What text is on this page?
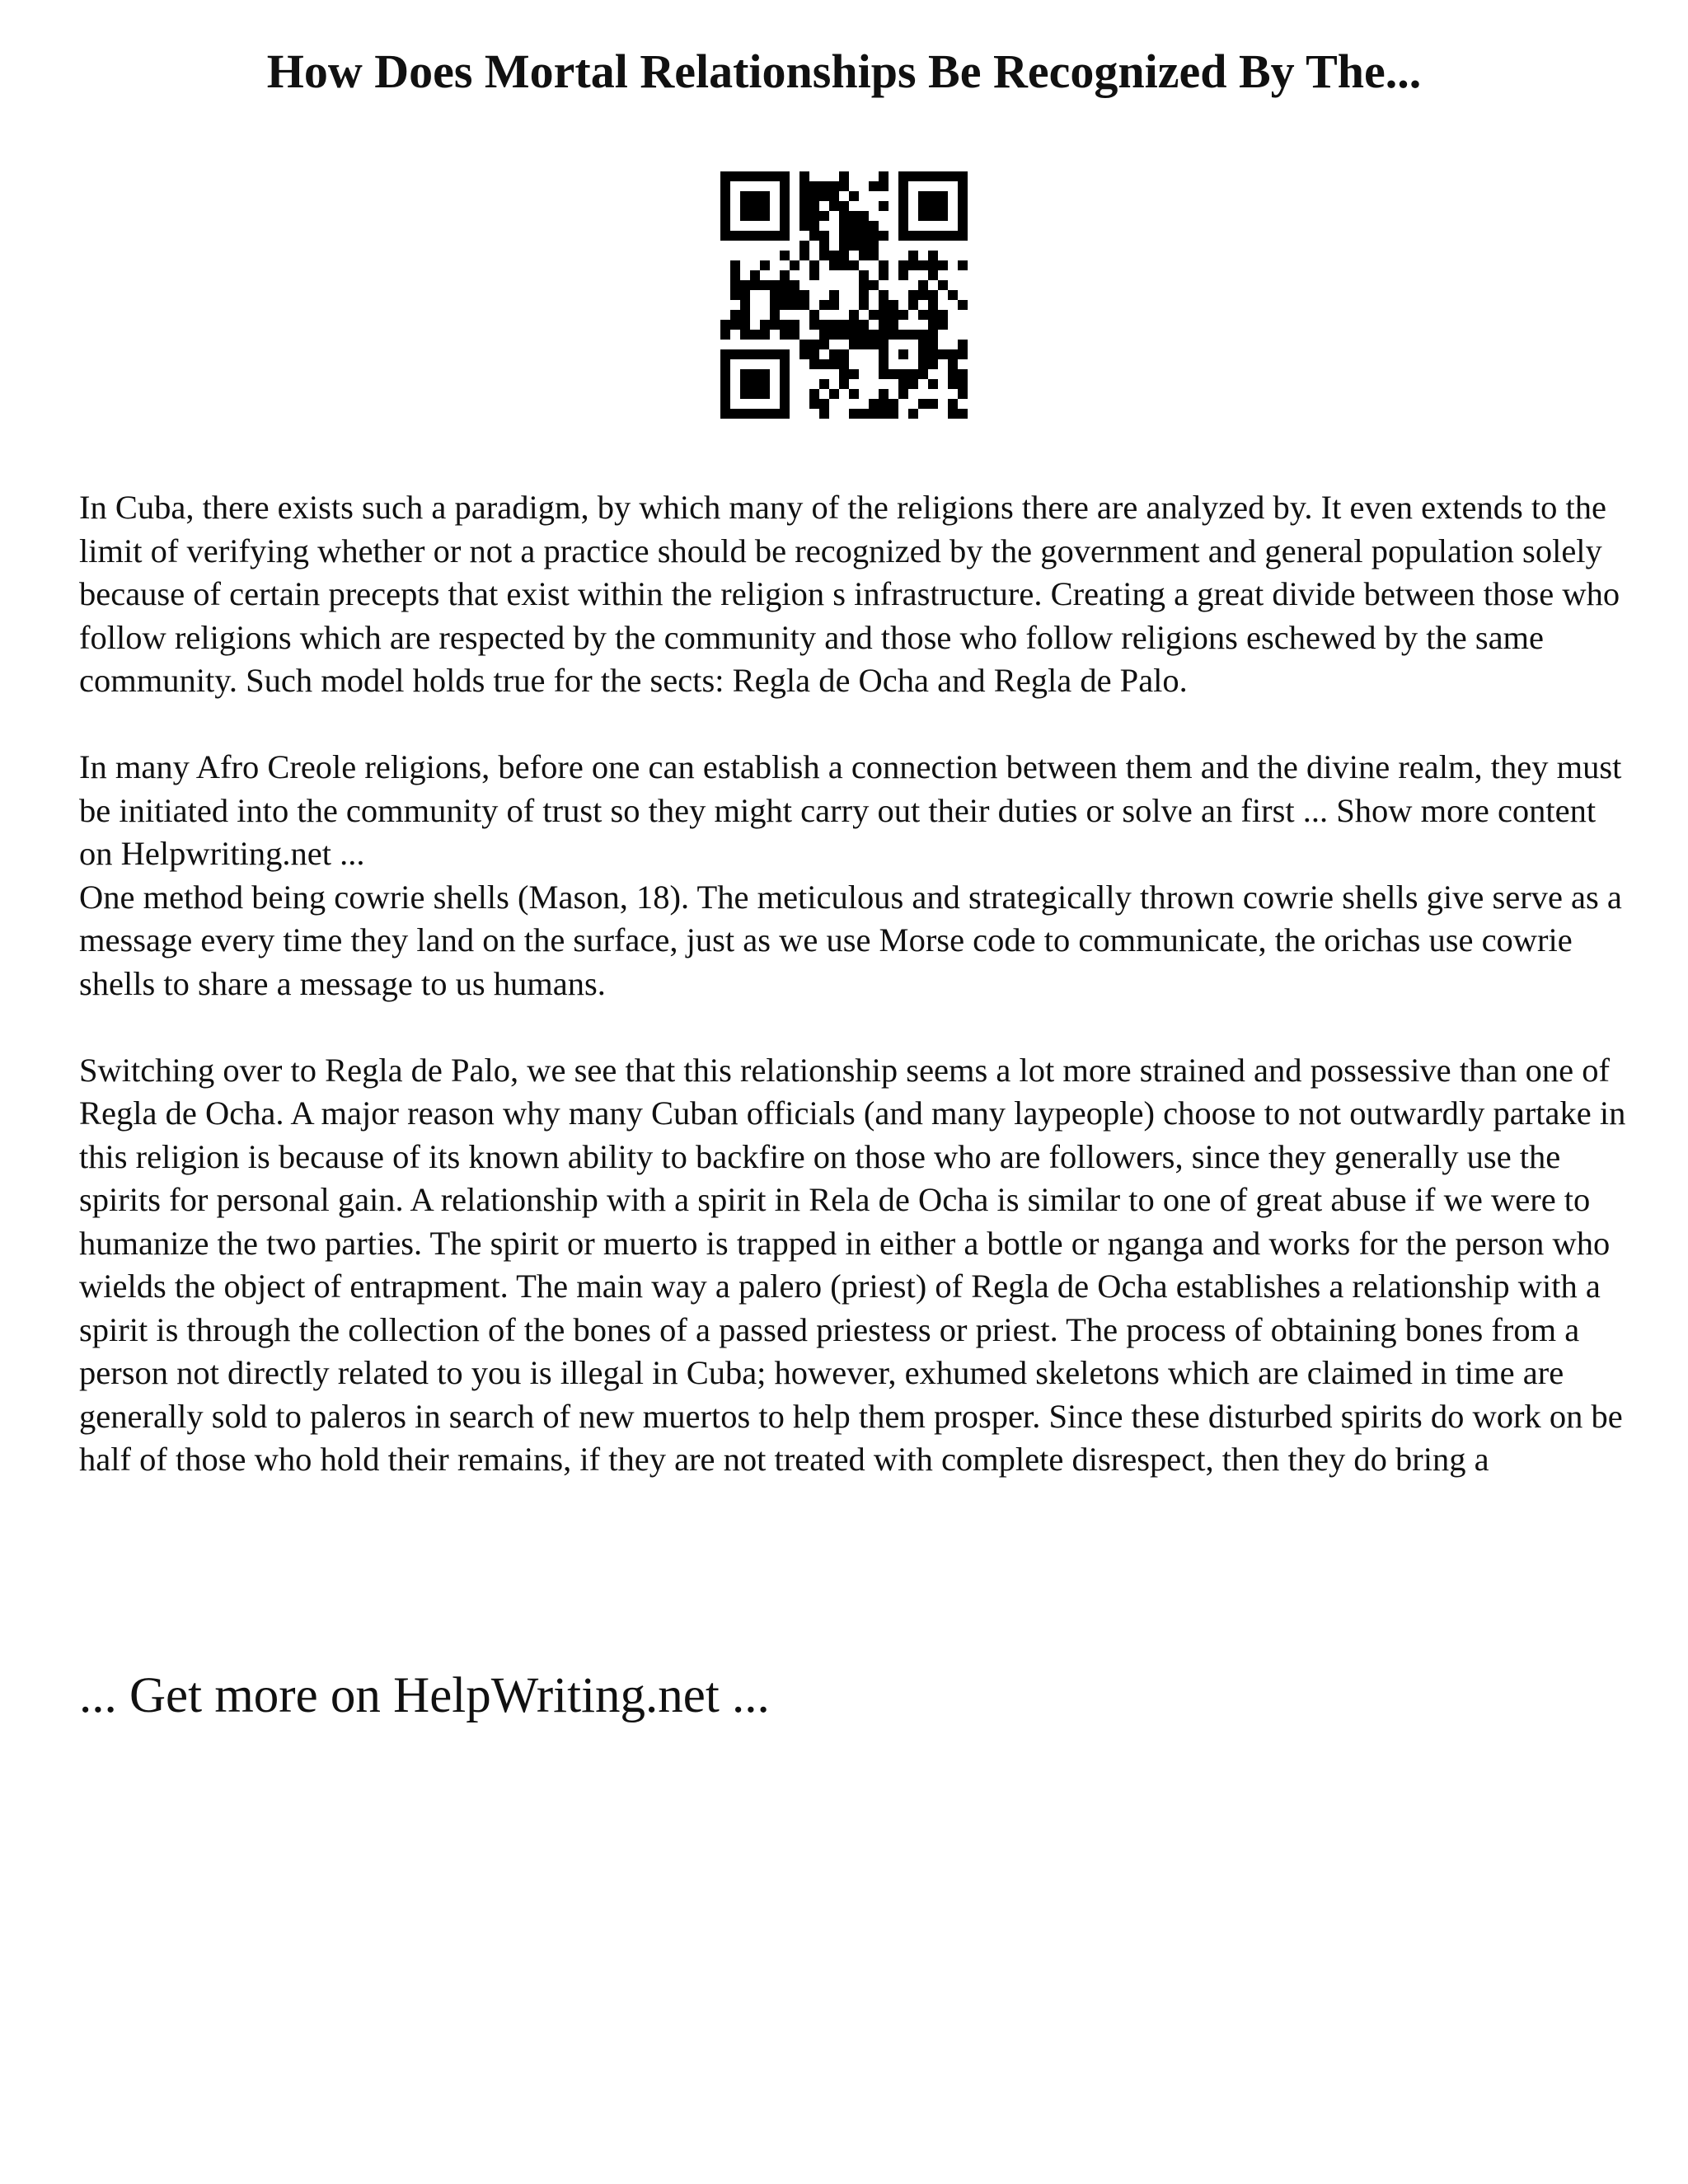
How Does Mortal Relationships Be Recognized By The...

In Cuba, there exists such a paradigm, by which many of the religions there are analyzed by. It even extends to the limit of verifying whether or not a practice should be recognized by the government and general population solely because of certain precepts that exist within the religion s infrastructure. Creating a great divide between those who follow religions which are respected by the community and those who follow religions eschewed by the same community. Such model holds true for the sects: Regla de Ocha and Regla de Palo.

In many Afro Creole religions, before one can establish a connection between them and the divine realm, they must be initiated into the community of trust so they might carry out their duties or solve an first ... Show more content on Helpwriting.net ...

One method being cowrie shells (Mason, 18). The meticulous and strategically thrown cowrie shells give serve as a message every time they land on the surface, just as we use Morse code to communicate, the orichas use cowrie shells to share a message to us humans.

Switching over to Regla de Palo, we see that this relationship seems a lot more strained and possessive than one of Regla de Ocha. A major reason why many Cuban officials (and many laypeople) choose to not outwardly partake in this religion is because of its known ability to backfire on those who are followers, since they generally use the spirits for personal gain. A relationship with a spirit in Rela de Ocha is similar to one of great abuse if we were to humanize the two parties. The spirit or muerto is trapped in either a bottle or nganga and works for the person who wields the object of entrapment. The main way a palero (priest) of Regla de Ocha establishes a relationship with a spirit is through the collection of the bones of a passed priestess or priest. The process of obtaining bones from a person not directly related to you is illegal in Cuba; however, exhumed skeletons which are claimed in time are generally sold to paleros in search of new muertos to help them prosper. Since these disturbed spirits do work on be half of those who hold their remains, if they are not treated with complete disrespect, then they do bring a

... Get more on HelpWriting.net ...
